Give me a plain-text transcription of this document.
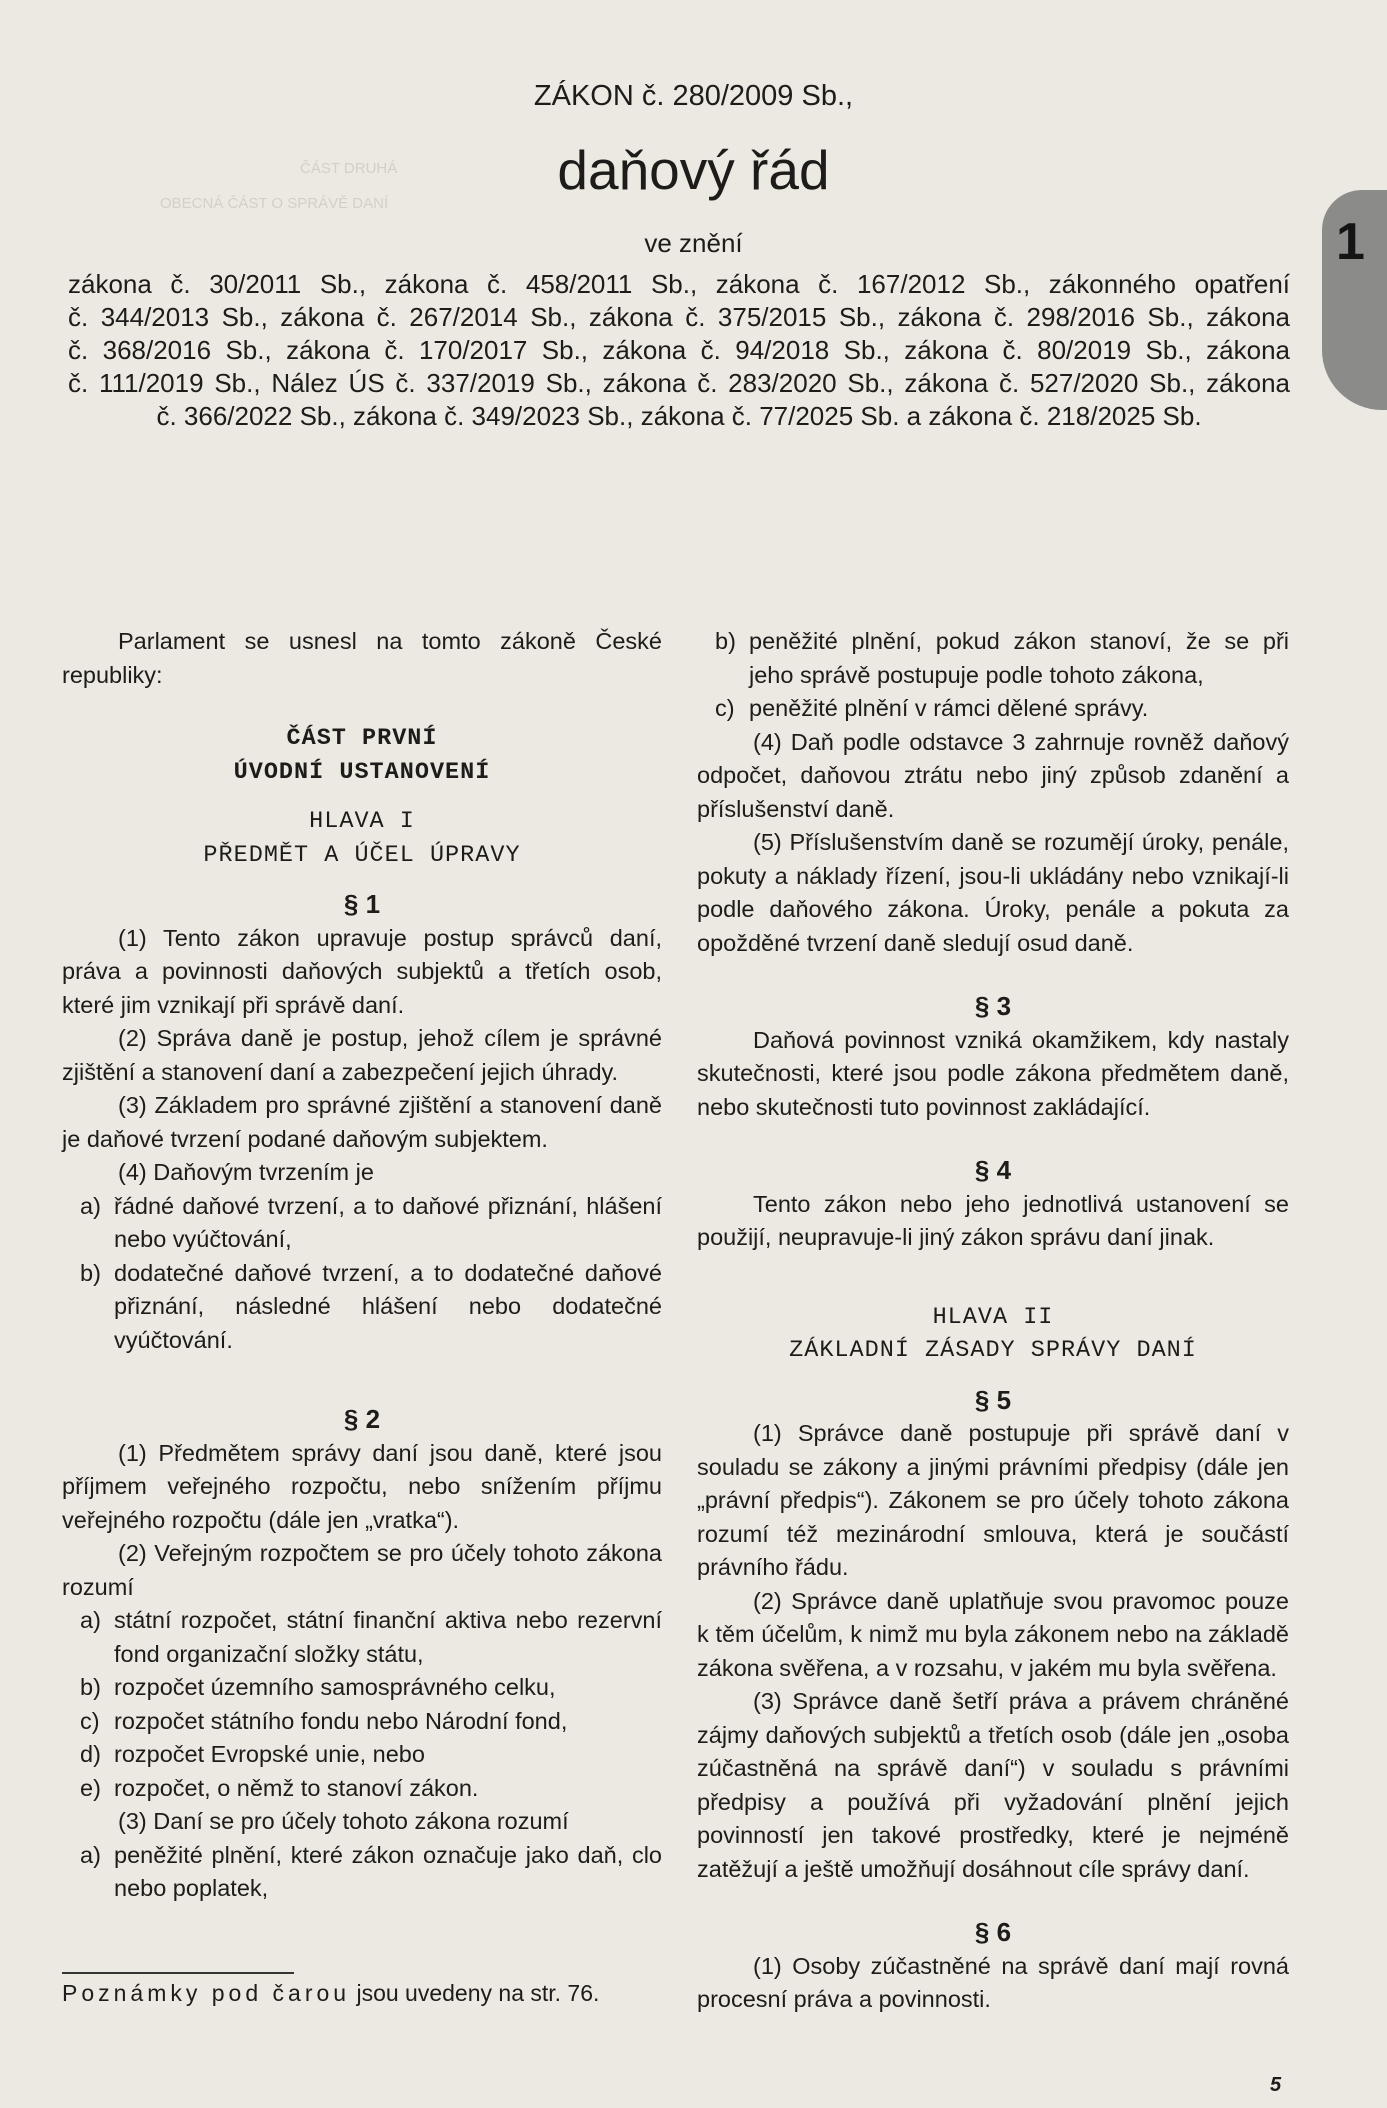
ČÁST DRUHÁ
OBECNÁ ČÁST O SPRÁVĚ DANÍ
ZÁKON č. 280/2009 Sb.,
daňový řád
ve znění
zákona č. 30/2011 Sb., zákona č. 458/2011 Sb., zákona č. 167/2012 Sb., zákonného opatření
č. 344/2013 Sb., zákona č. 267/2014 Sb., zákona č. 375/2015 Sb., zákona č. 298/2016 Sb., zákona
č. 368/2016 Sb., zákona č. 170/2017 Sb., zákona č. 94/2018 Sb., zákona č. 80/2019 Sb., zákona
č. 111/2019 Sb., Nález ÚS č. 337/2019 Sb., zákona č. 283/2020 Sb., zákona č. 527/2020 Sb., zákona
č. 366/2022 Sb., zákona č. 349/2023 Sb., zákona č. 77/2025 Sb. a zákona č. 218/2025 Sb.
1

Parlament se usnesl na tomto zákoně České republiky:

ČÁST PRVNÍ

ÚVODNÍ USTANOVENÍ

HLAVA I

PŘEDMĚT A ÚČEL ÚPRAVY

§ 1

(1) Tento zákon upravuje postup správců daní, práva a povinnosti daňových subjektů a třetích osob, které jim vznikají při správě daní.

(2) Správa daně je postup, jehož cílem je správné zjištění a stanovení daní a zabezpečení jejich úhrady.

(3) Základem pro správné zjištění a stanovení daně je daňové tvrzení podané daňovým subjektem.

(4) Daňovým tvrzením je

a) řádné daňové tvrzení, a to daňové přiznání, hlášení nebo vyúčtování,
b) dodatečné daňové tvrzení, a to dodatečné daňové přiznání, následné hlášení nebo dodatečné vyúčtování.

§ 2

(1) Předmětem správy daní jsou daně, které jsou příjmem veřejného rozpočtu, nebo snížením příjmu veřejného rozpočtu (dále jen „vratka“).

(2) Veřejným rozpočtem se pro účely tohoto zákona rozumí

a) státní rozpočet, státní finanční aktiva nebo rezervní fond organizační složky státu,
b) rozpočet územního samosprávného celku,
c) rozpočet státního fondu nebo Národní fond,
d) rozpočet Evropské unie, nebo
e) rozpočet, o němž to stanoví zákon.

(3) Daní se pro účely tohoto zákona rozumí

a) peněžité plnění, které zákon označuje jako daň, clo nebo poplatek,
b) peněžité plnění, pokud zákon stanoví, že se při jeho správě postupuje podle tohoto zákona,
c) peněžité plnění v rámci dělené správy.

(4) Daň podle odstavce 3 zahrnuje rovněž daňový odpočet, daňovou ztrátu nebo jiný způsob zdanění a příslušenství daně.

(5) Příslušenstvím daně se rozumějí úroky, penále, pokuty a náklady řízení, jsou-li ukládány nebo vznikají-li podle daňového zákona. Úroky, penále a pokuta za opožděné tvrzení daně sledují osud daně.

§ 3

Daňová povinnost vzniká okamžikem, kdy nastaly skutečnosti, které jsou podle zákona předmětem daně, nebo skutečnosti tuto povinnost zakládající.

§ 4

Tento zákon nebo jeho jednotlivá ustanovení se použijí, neupravuje-li jiný zákon správu daní jinak.

HLAVA II

ZÁKLADNÍ ZÁSADY SPRÁVY DANÍ

§ 5

(1) Správce daně postupuje při správě daní v souladu se zákony a jinými právními předpisy (dále jen „právní předpis“). Zákonem se pro účely tohoto zákona rozumí též mezinárodní smlouva, která je součástí právního řádu.

(2) Správce daně uplatňuje svou pravomoc pouze k těm účelům, k nimž mu byla zákonem nebo na základě zákona svěřena, a v rozsahu, v jakém mu byla svěřena.

(3) Správce daně šetří práva a právem chráněné zájmy daňových subjektů a třetích osob (dále jen „osoba zúčastněná na správě daní“) v souladu s právními předpisy a používá při vyžadování plnění jejich povinností jen takové prostředky, které je nejméně zatěžují a ještě umožňují dosáhnout cíle správy daní.

§ 6

(1) Osoby zúčastněné na správě daní mají rovná procesní práva a povinnosti.

Poznámky pod čarou jsou uvedeny na str. 76.
5
